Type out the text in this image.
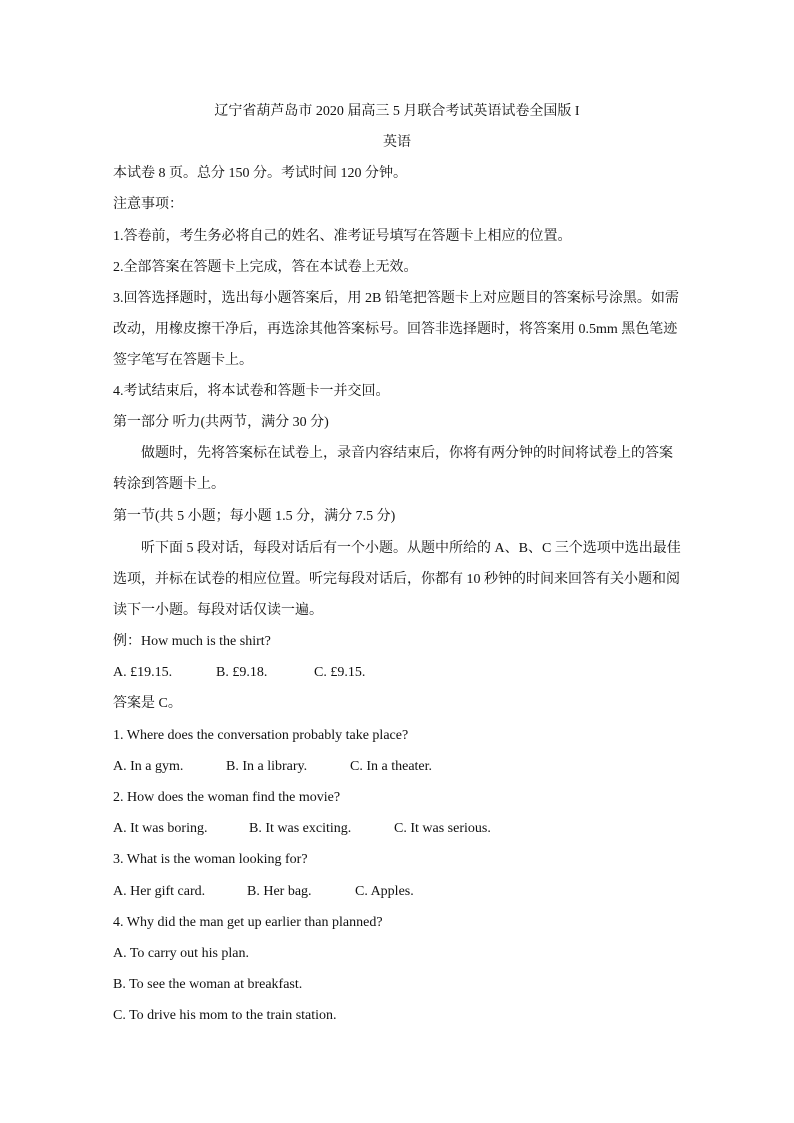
辽宁省葫芦岛市 2020 届高三 5 月联合考试英语试卷全国版 I
英语
本试卷 8 页。总分 150 分。考试时间 120 分钟。
注意事项：
1.答卷前，考生务必将自己的姓名、准考证号填写在答题卡上相应的位置。
2.全部答案在答题卡上完成，答在本试卷上无效。
3.回答选择题时，选出每小题答案后，用 2B 铅笔把答题卡上对应题目的答案标号涂黑。如需
改动，用橡皮擦干净后，再选涂其他答案标号。回答非选择题时，将答案用 0.5mm 黑色笔迹
签字笔写在答题卡上。
4.考试结束后，将本试卷和答题卡一并交回。
第一部分 听力(共两节，满分 30 分)
做题时，先将答案标在试卷上，录音内容结束后，你将有两分钟的时间将试卷上的答案
转涂到答题卡上。
第一节(共 5 小题；每小题 1.5 分，满分 7.5 分)
听下面 5 段对话，每段对话后有一个小题。从题中所给的 A、B、C 三个选项中选出最佳
选项，并标在试卷的相应位置。听完每段对话后，你都有 10 秒钟的时间来回答有关小题和阅
读下一小题。每段对话仅读一遍。
例：How much is the shirt?
A. £19.15.	B. £9.18.	C. £9.15.
答案是 C。
1. Where does the conversation probably take place?
A. In a gym.	B. In a library.	C. In a theater.
2. How does the woman find the movie?
A. It was boring.	B. It was exciting.	C. It was serious.
3. What is the woman looking for?
A. Her gift card.	B. Her bag.	C. Apples.
4. Why did the man get up earlier than planned?
A. To carry out his plan.
B. To see the woman at breakfast.
C. To drive his mom to the train station.
